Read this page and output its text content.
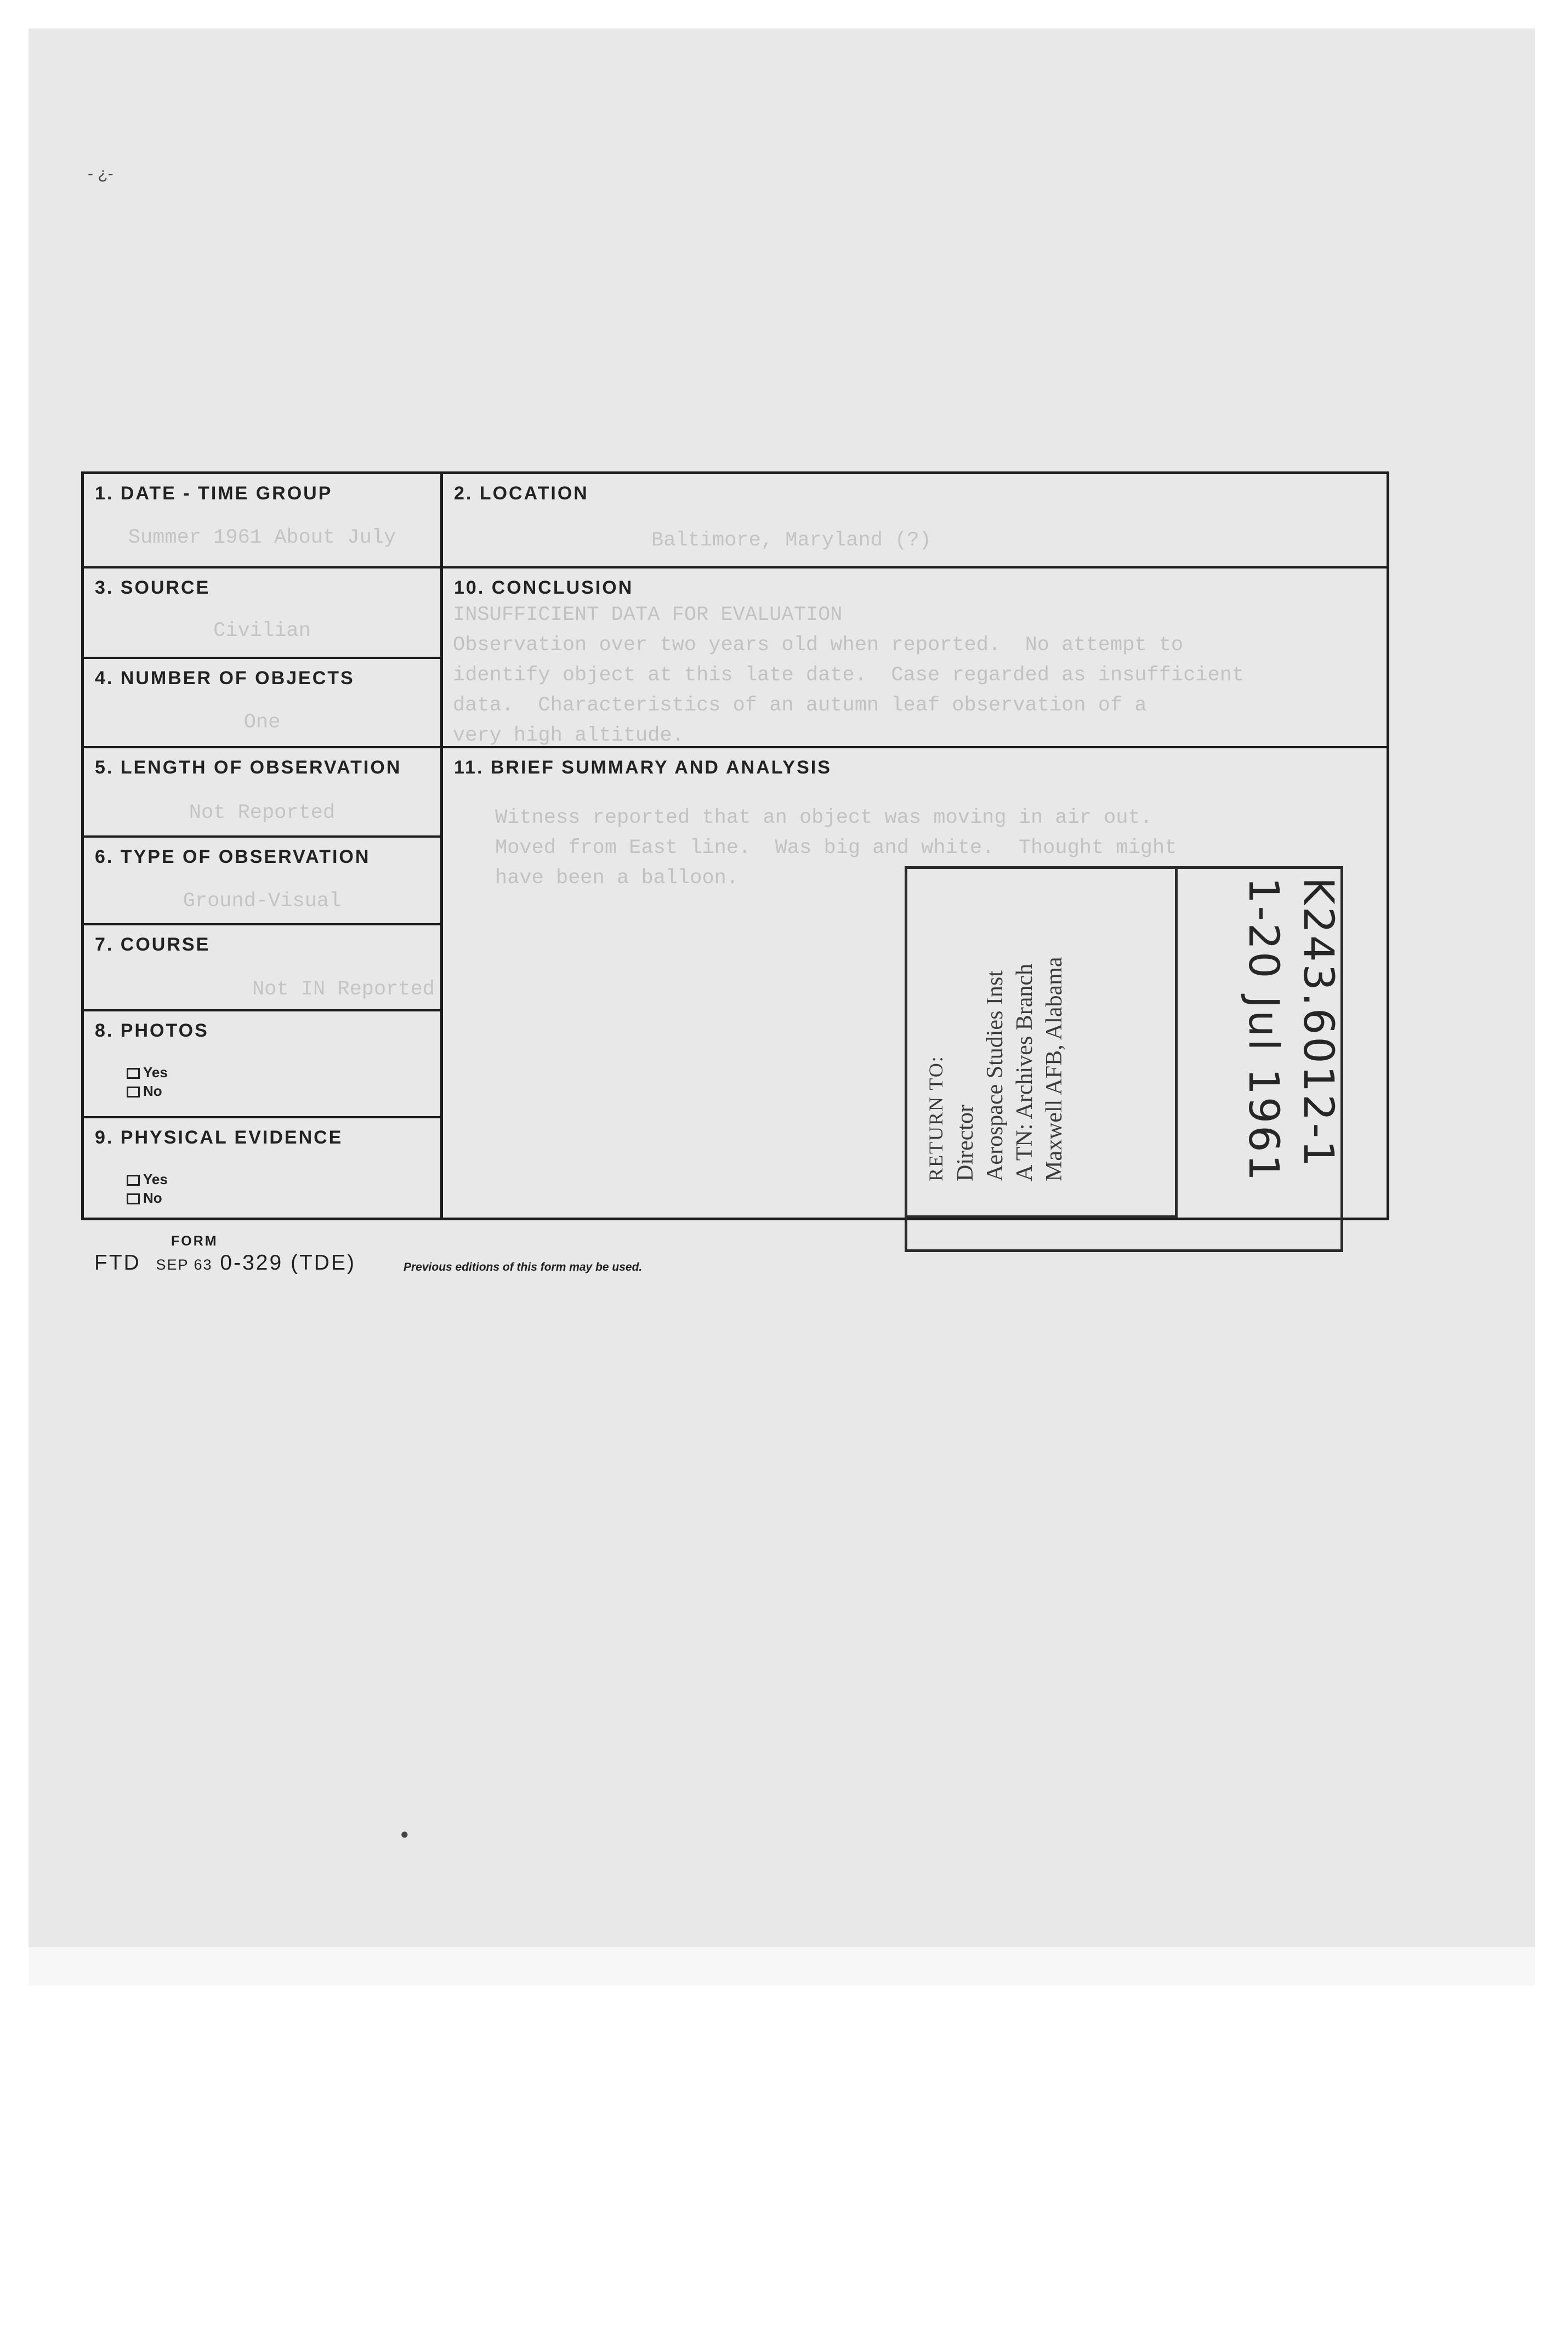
- ¿-
1. DATE - TIME GROUP
Summer 1961 About July
3. SOURCE
Civilian
4. NUMBER OF OBJECTS
One
5. LENGTH OF OBSERVATION
Not Reported
6. TYPE OF OBSERVATION
Ground-Visual
7. COURSE
Not IN Reported
8. PHOTOS
Yes
No
9. PHYSICAL EVIDENCE
Yes
No
2. LOCATION
Baltimore, Maryland (?)
10. CONCLUSION
INSUFFICIENT DATA FOR EVALUATION
Observation over two years old when reported.  No attempt to
identify object at this late date.  Case regarded as insufficient
data.  Characteristics of an autumn leaf observation of a
very high altitude.
11. BRIEF SUMMARY AND ANALYSIS
Witness reported that an object was moving in air out.
Moved from East line.  Was big and white.  Thought might
have been a balloon.
RETURN TO: Director Aerospace Studies Inst A TN: Archives Branch Maxwell AFB, Alabama	K243.6012-1
1-20 Jul 1961
FORM
FTD SEP 63 0-329 (TDE)	Previous editions of this form may be used.
●
